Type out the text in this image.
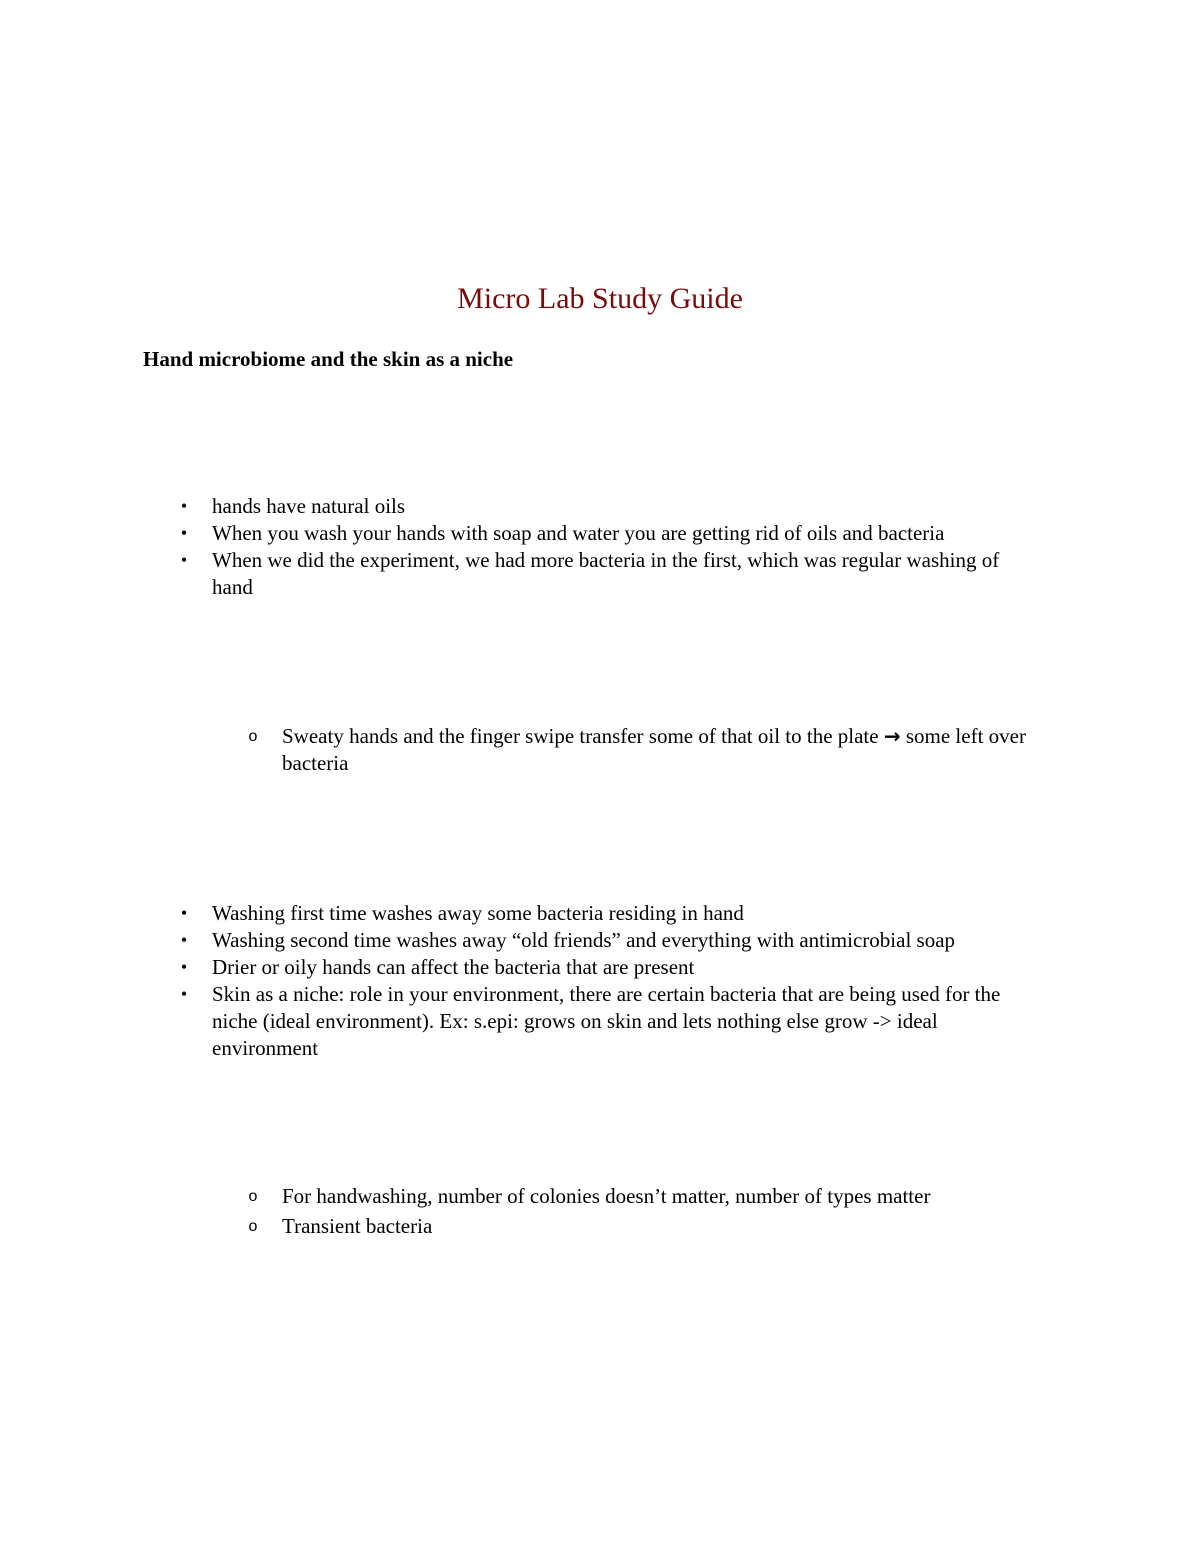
Micro Lab Study Guide
Hand microbiome and the skin as a niche
•	hands have natural oils
•	When you wash your hands with soap and water you are getting rid of oils and bacteria
•	When we did the experiment, we had more bacteria in the first, which was regular washing of hand
o Sweaty hands and the finger swipe transfer some of that oil to the plate → some left over bacteria
•	Washing first time washes away some bacteria residing in hand
•	Washing second time washes away “old friends” and everything with antimicrobial soap
•	Drier or oily hands can affect the bacteria that are present
•	Skin as a niche: role in your environment, there are certain bacteria that are being used for the niche (ideal environment). Ex: s.epi: grows on skin and lets nothing else grow -> ideal environment
o For handwashing, number of colonies doesn’t matter, number of types matter
o Transient bacteria
